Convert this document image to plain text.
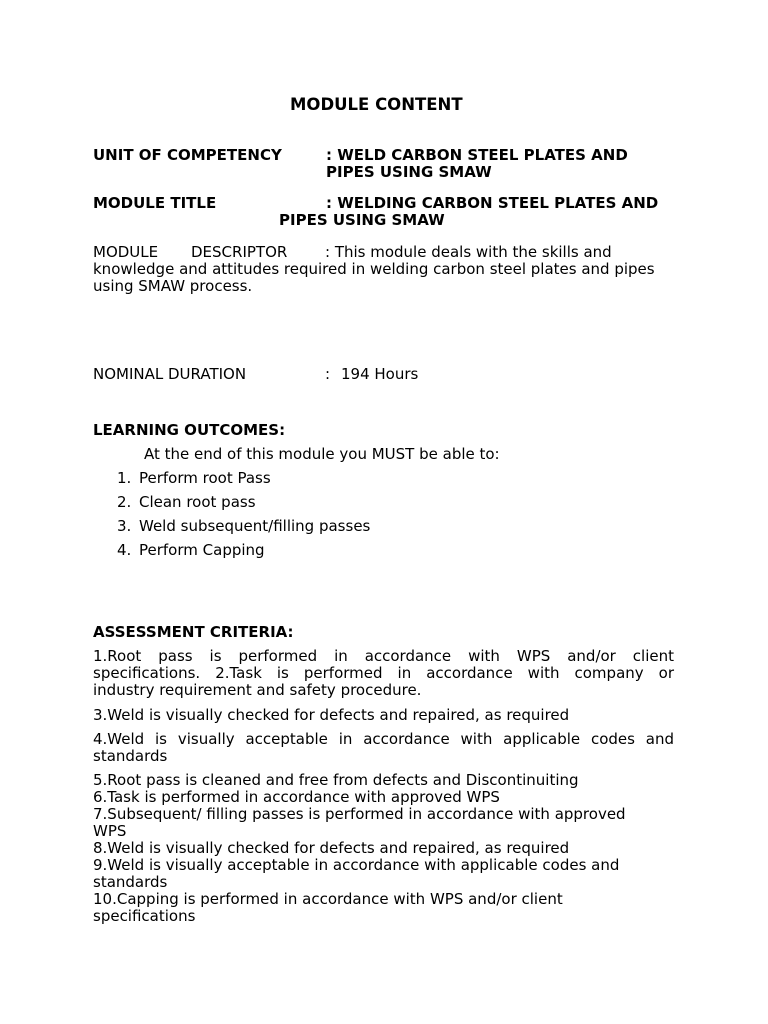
MODULE CONTENT
UNIT OF COMPETENCY	: WELD CARBON STEEL PLATES AND
PIPES USING SMAW
MODULE TITLE	: WELDING CARBON STEEL PLATES AND
PIPES USING SMAW
MODULE DESCRIPTOR	: This module deals with the skills and
knowledge and attitudes required in welding carbon steel plates and pipes
using SMAW process.
NOMINAL DURATION	: 194 Hours
LEARNING OUTCOMES:
At the end of this module you MUST be able to:
1. Perform root Pass
2. Clean root pass
3. Weld subsequent/filling passes
4. Perform Capping
ASSESSMENT CRITERIA:
1.Root pass is performed in accordance with WPS and/or client
specifications. 2.Task is performed in accordance with company or
industry requirement and safety procedure.
3.Weld is visually checked for defects and repaired, as required
4.Weld is visually acceptable in accordance with applicable codes and
standards
5.Root pass is cleaned and free from defects and Discontinuiting
6.Task is performed in accordance with approved WPS
7.Subsequent/ filling passes is performed in accordance with approved
WPS
8.Weld is visually checked for defects and repaired, as required
9.Weld is visually acceptable in accordance with applicable codes and
standards
10.Capping is performed in accordance with WPS and/or client
specifications
